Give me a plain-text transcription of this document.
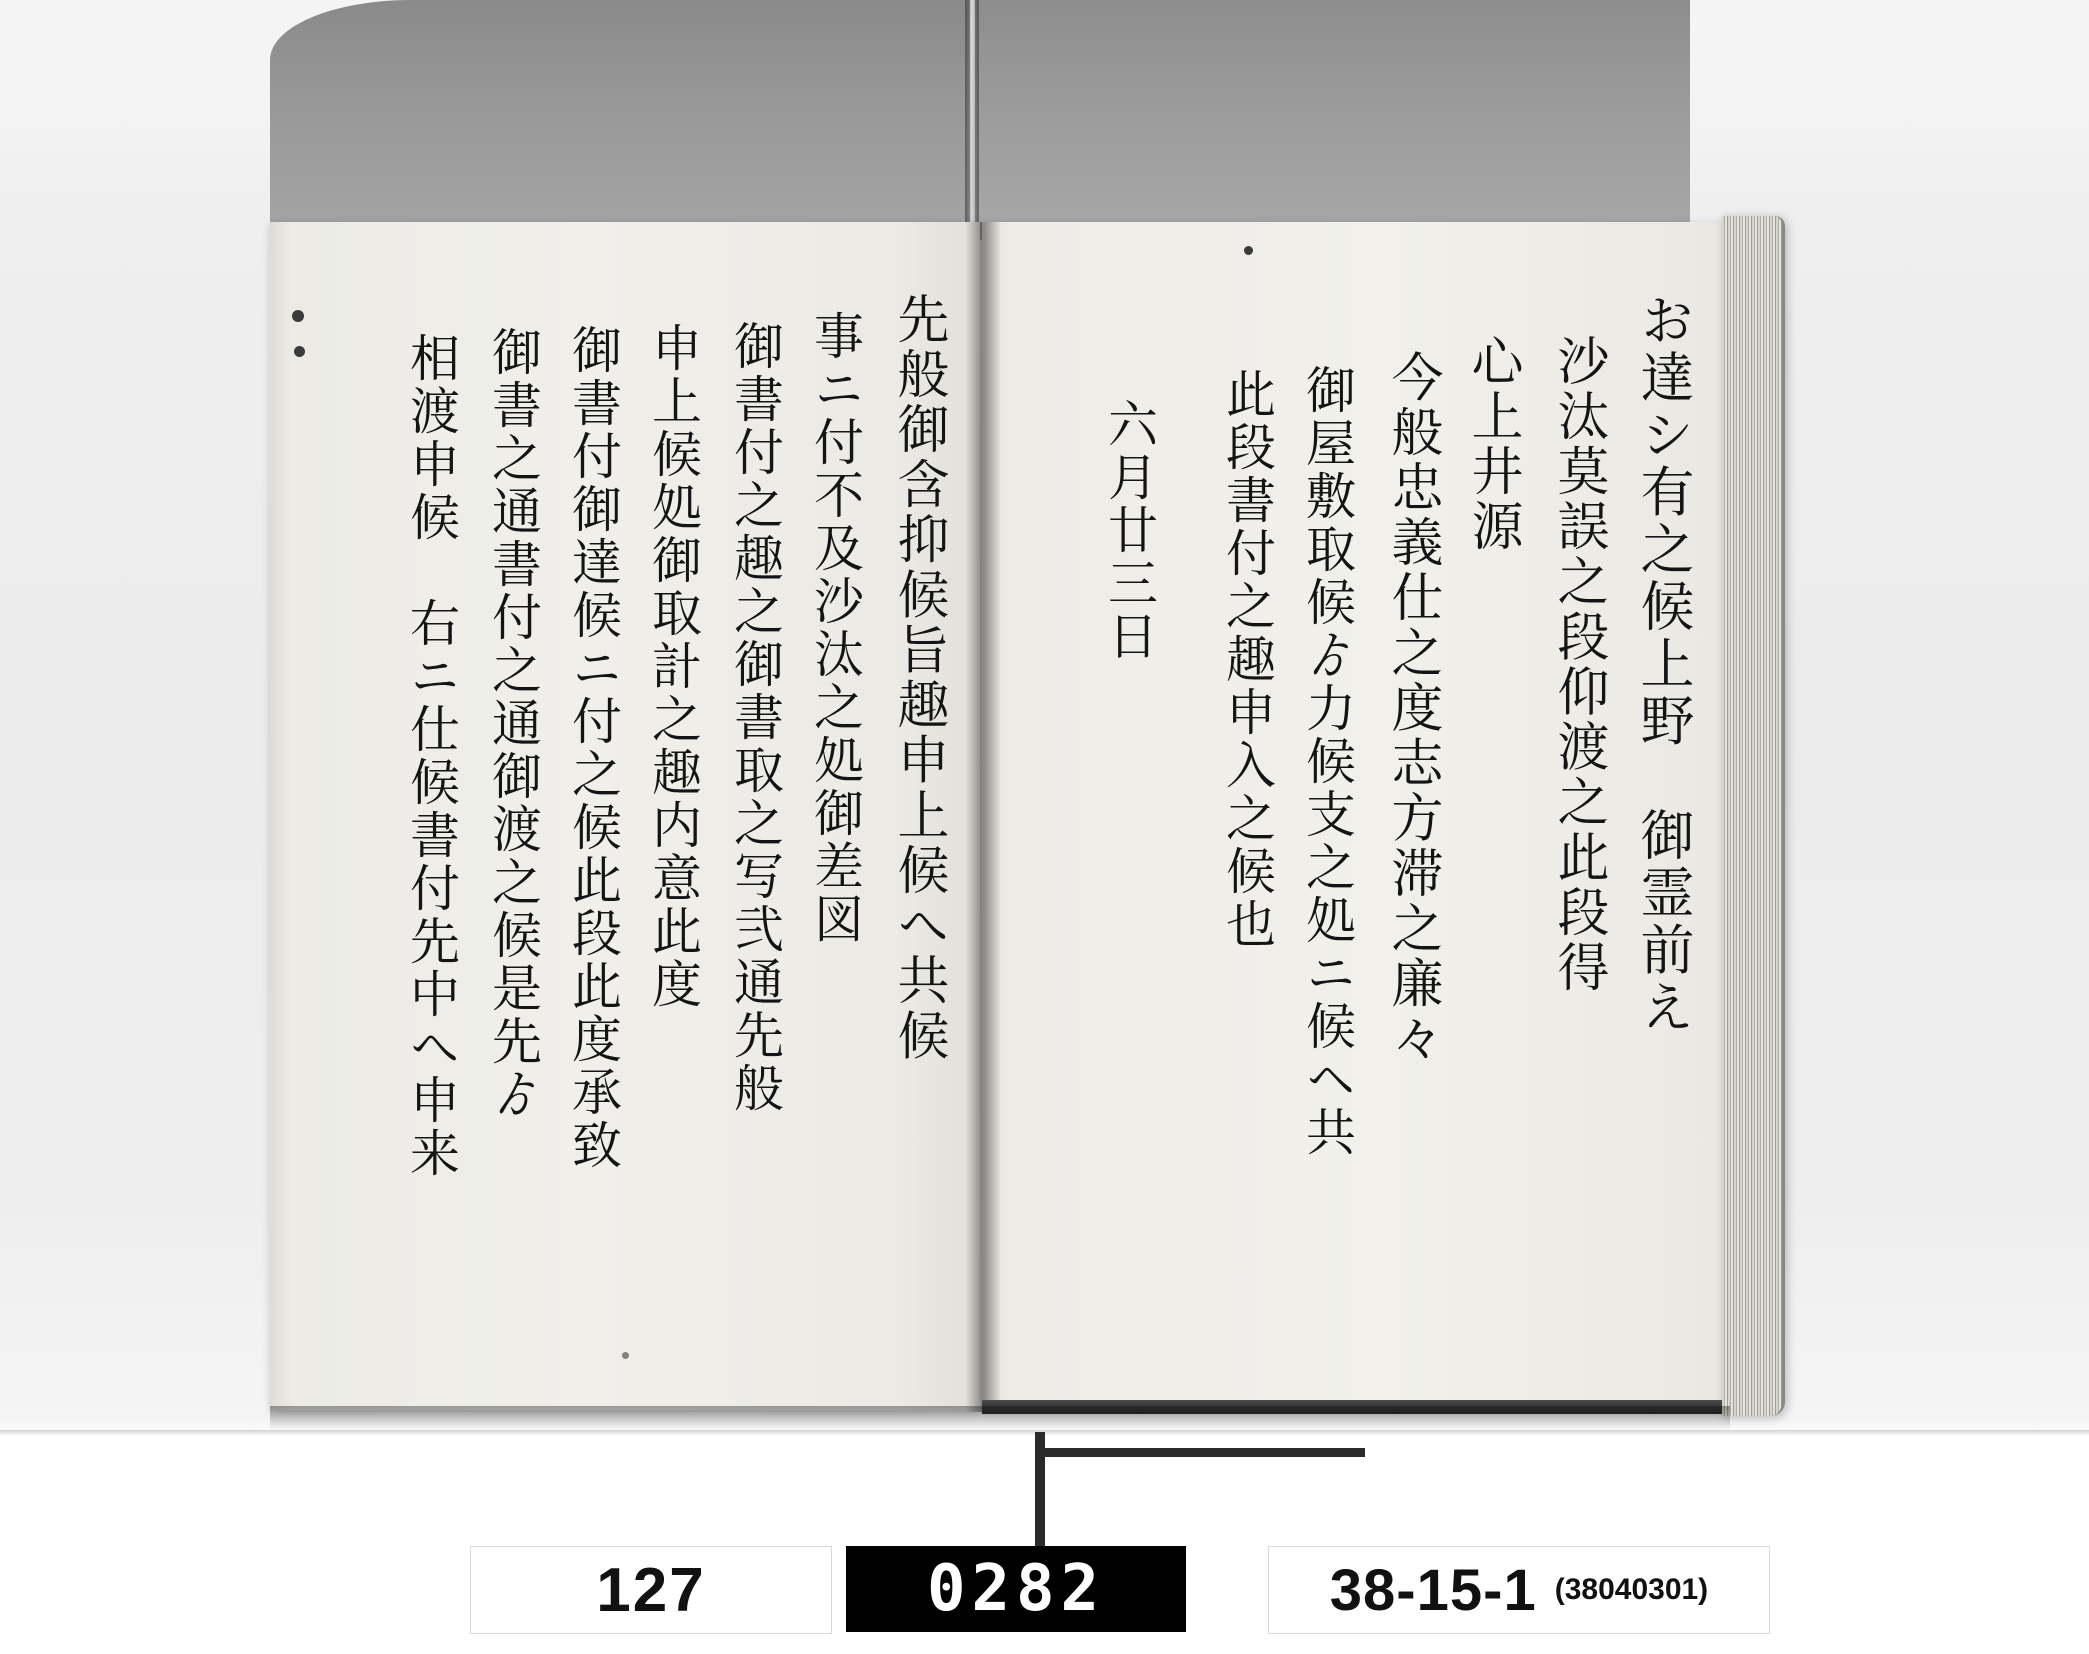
お達シ有之候上野　御霊前え
沙汰莫誤之段仰渡之此段得
心上井源
今般忠義仕之度志方滞之廉々
御屋敷取候ゟ力候支之処ニ候ヘ共
此段書付之趣申入之候也
六月廿三日
先般御含抑候旨趣申上候へ共候
事ニ付不及沙汰之処御差図
御書付之趣之御書取之写弐通先般
申上候処御取計之趣内意此度
御書付御達候ニ付之候此段此度承致
御書之通書付之通御渡之候是先ゟ
相渡申候　右ニ仕候書付先中へ申来
127	0282	38-15-1 (38040301)
